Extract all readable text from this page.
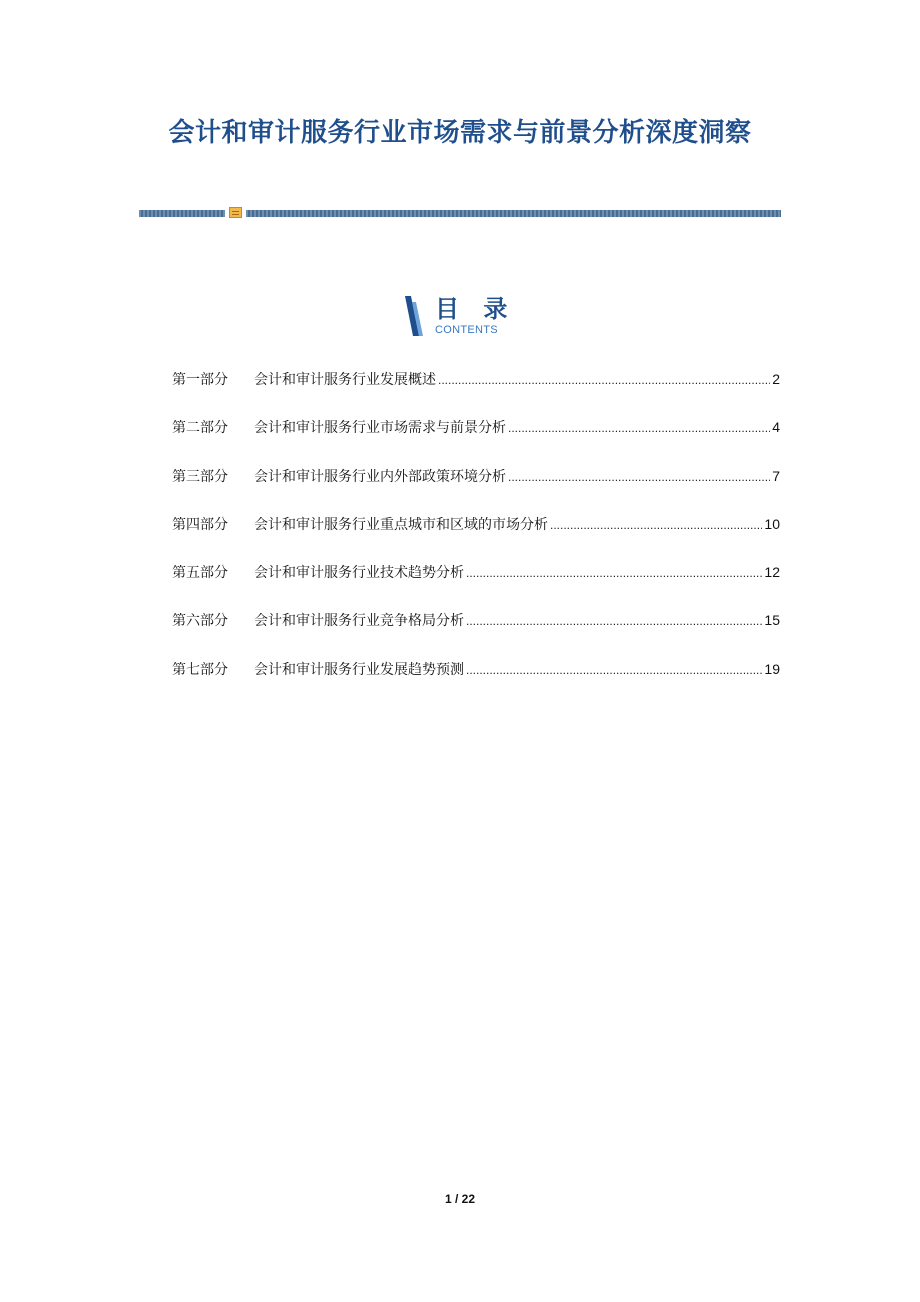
会计和审计服务行业市场需求与前景分析深度洞察
目 录
CONTENTS
第一部分	会计和审计服务行业发展概述 .....	2
第二部分	会计和审计服务行业市场需求与前景分析 .....	4
第三部分	会计和审计服务行业内外部政策环境分析 .....	7
第四部分	会计和审计服务行业重点城市和区域的市场分析 .....	10
第五部分	会计和审计服务行业技术趋势分析 .....	12
第六部分	会计和审计服务行业竞争格局分析 .....	15
第七部分	会计和审计服务行业发展趋势预测 .....	19
1 / 22
